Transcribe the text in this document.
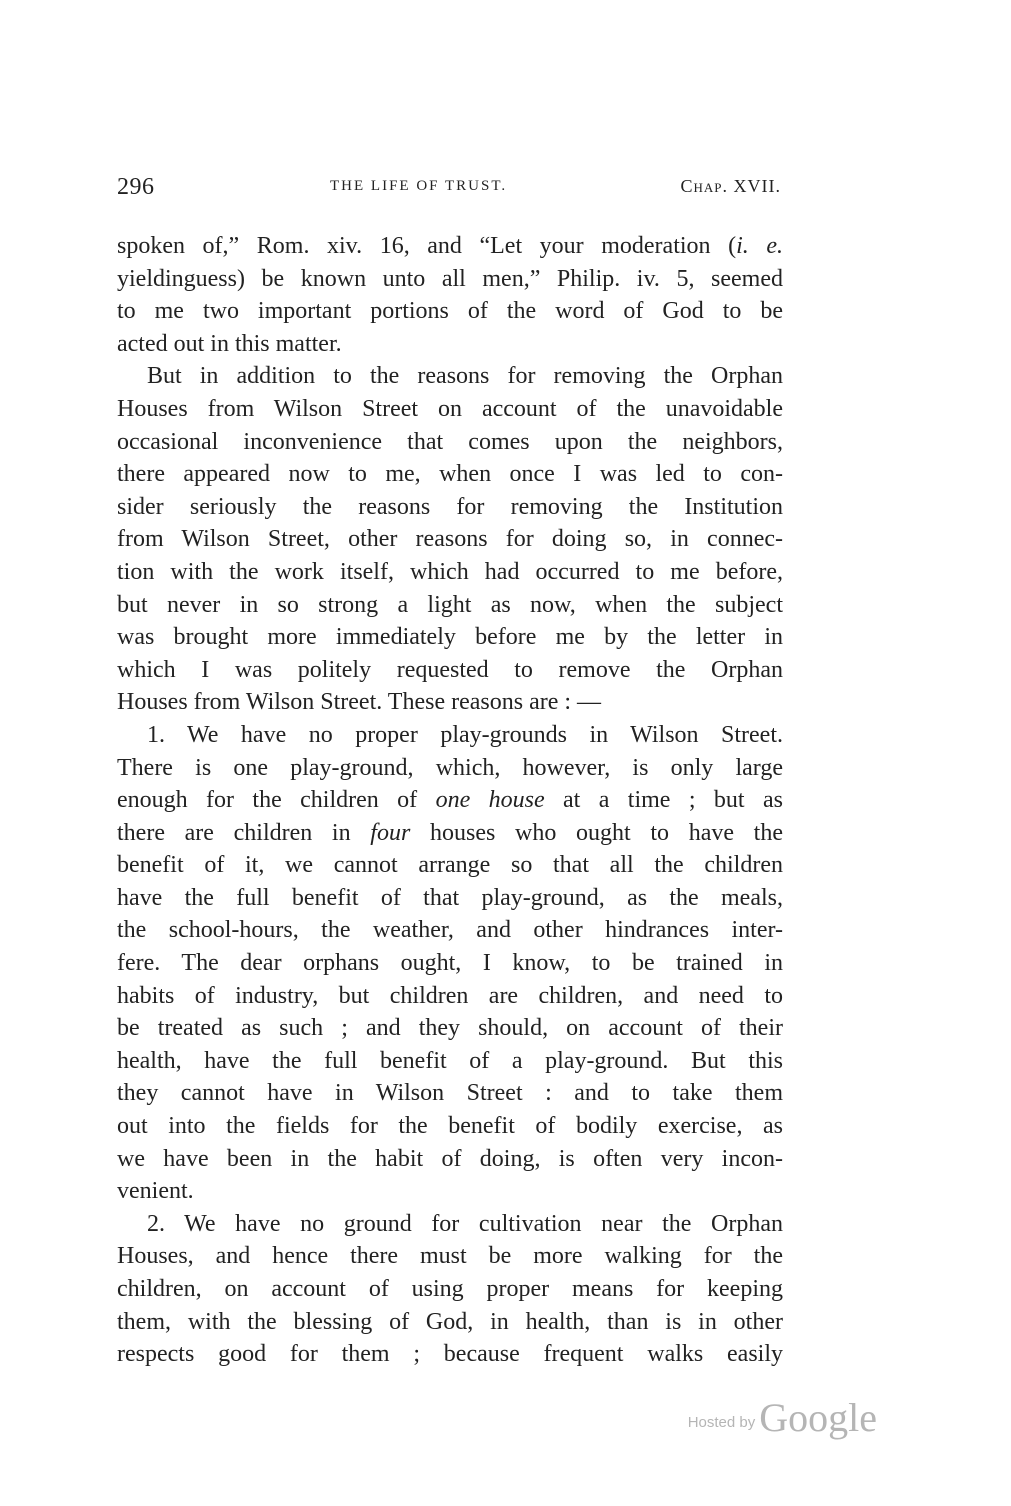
296	THE LIFE OF TRUST.	Chap. XVII.
spoken of,” Rom. xiv. 16, and “Let your moderation (i. e.
yieldinguess) be known unto all men,” Philip. iv. 5, seemed
to me two important portions of the word of God to be
acted out in this matter.
But in addition to the reasons for removing the Orphan
Houses from Wilson Street on account of the unavoidable
occasional inconvenience that comes upon the neighbors,
there appeared now to me, when once I was led to con-
sider seriously the reasons for removing the Institution
from Wilson Street, other reasons for doing so, in connec-
tion with the work itself, which had occurred to me before,
but never in so strong a light as now, when the subject
was brought more immediately before me by the letter in
which I was politely requested to remove the Orphan
Houses from Wilson Street. These reasons are : —
1. We have no proper play-grounds in Wilson Street.
There is one play-ground, which, however, is only large
enough for the children of one house at a time ; but as
there are children in four houses who ought to have the
benefit of it, we cannot arrange so that all the children
have the full benefit of that play-ground, as the meals,
the school-hours, the weather, and other hindrances inter-
fere. The dear orphans ought, I know, to be trained in
habits of industry, but children are children, and need to
be treated as such ; and they should, on account of their
health, have the full benefit of a play-ground. But this
they cannot have in Wilson Street : and to take them
out into the fields for the benefit of bodily exercise, as
we have been in the habit of doing, is often very incon-
venient.
2. We have no ground for cultivation near the Orphan
Houses, and hence there must be more walking for the
children, on account of using proper means for keeping
them, with the blessing of God, in health, than is in other
respects good for them ; because frequent walks easily
Hosted by Google
